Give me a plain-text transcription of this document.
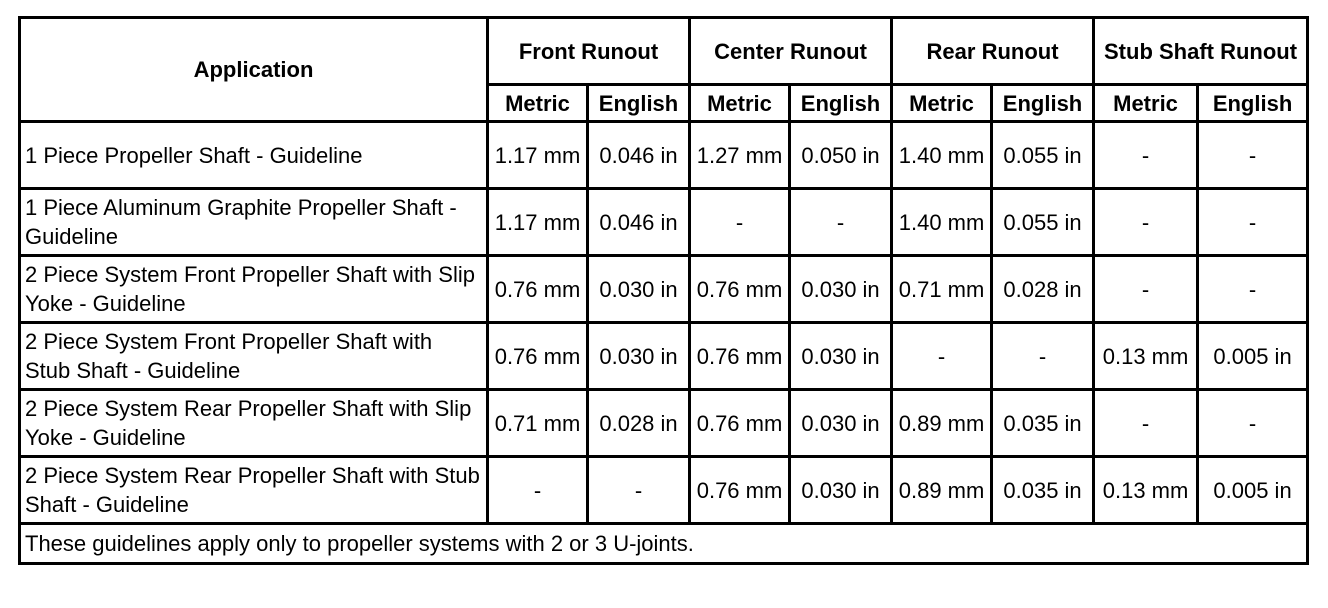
Application	Front Runout		Center Runout		Rear Runout		Stub Shaft Runout	
	Metric	English	Metric	English	Metric	English	Metric	English
1 Piece Propeller Shaft - Guideline	1.17 mm	0.046 in	1.27 mm	0.050 in	1.40 mm	0.055 in	-	-
1 Piece Aluminum Graphite Propeller Shaft - Guideline	1.17 mm	0.046 in	-	-	1.40 mm	0.055 in	-	-
2 Piece System Front Propeller Shaft with Slip Yoke - Guideline	0.76 mm	0.030 in	0.76 mm	0.030 in	0.71 mm	0.028 in	-	-
2 Piece System Front Propeller Shaft with Stub Shaft - Guideline	0.76 mm	0.030 in	0.76 mm	0.030 in	-	-	0.13 mm	0.005 in
2 Piece System Rear Propeller Shaft with Slip Yoke - Guideline	0.71 mm	0.028 in	0.76 mm	0.030 in	0.89 mm	0.035 in	-	-
2 Piece System Rear Propeller Shaft with Stub Shaft - Guideline	-	-	0.76 mm	0.030 in	0.89 mm	0.035 in	0.13 mm	0.005 in
These guidelines apply only to propeller systems with 2 or 3 U-joints.								
